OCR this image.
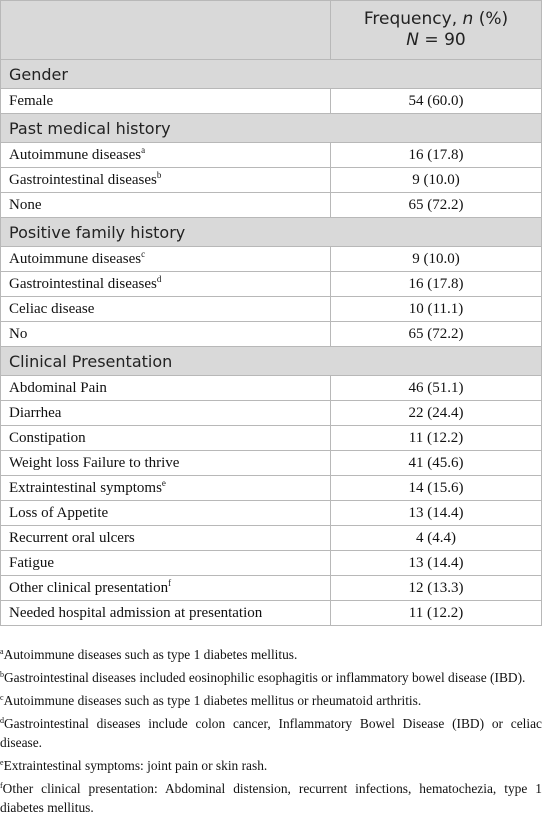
	Frequency, n (%)
N = 90

Gender	
Female	54 (60.0)
Past medical history	
Autoimmune diseases$^a$	16 (17.8)
Gastrointestinal diseases$^b$	9 (10.0)
None	65 (72.2)
Positive family history	
Autoimmune diseases$^c$	9 (10.0)
Gastrointestinal diseases$^d$	16 (17.8)
Celiac disease	10 (11.1)
No	65 (72.2)
Clinical Presentation	
Abdominal Pain	46 (51.1)
Diarrhea	22 (24.4)
Constipation	11 (12.2)
Weight loss Failure to thrive	41 (45.6)
Extraintestinal symptoms$^e$	14 (15.6)
Loss of Appetite	13 (14.4)
Recurrent oral ulcers	4 (4.4)
Fatigue	13 (14.4)
Other clinical presentation$^f$	12 (13.3)
Needed hospital admission at presentation	11 (12.2)

$^a$Autoimmune diseases such as type 1 diabetes mellitus.

$^b$Gastrointestinal diseases included eosinophilic esophagitis or inflammatory bowel disease (IBD).

$^c$Autoimmune diseases such as type 1 diabetes mellitus or rheumatoid arthritis.

$^d$Gastrointestinal diseases include colon cancer, Inflammatory Bowel Disease (IBD) or celiac disease.

$^e$Extraintestinal symptoms: joint pain or skin rash.

$^f$Other clinical presentation: Abdominal distension, recurrent infections, hematochezia, type 1 diabetes mellitus.
